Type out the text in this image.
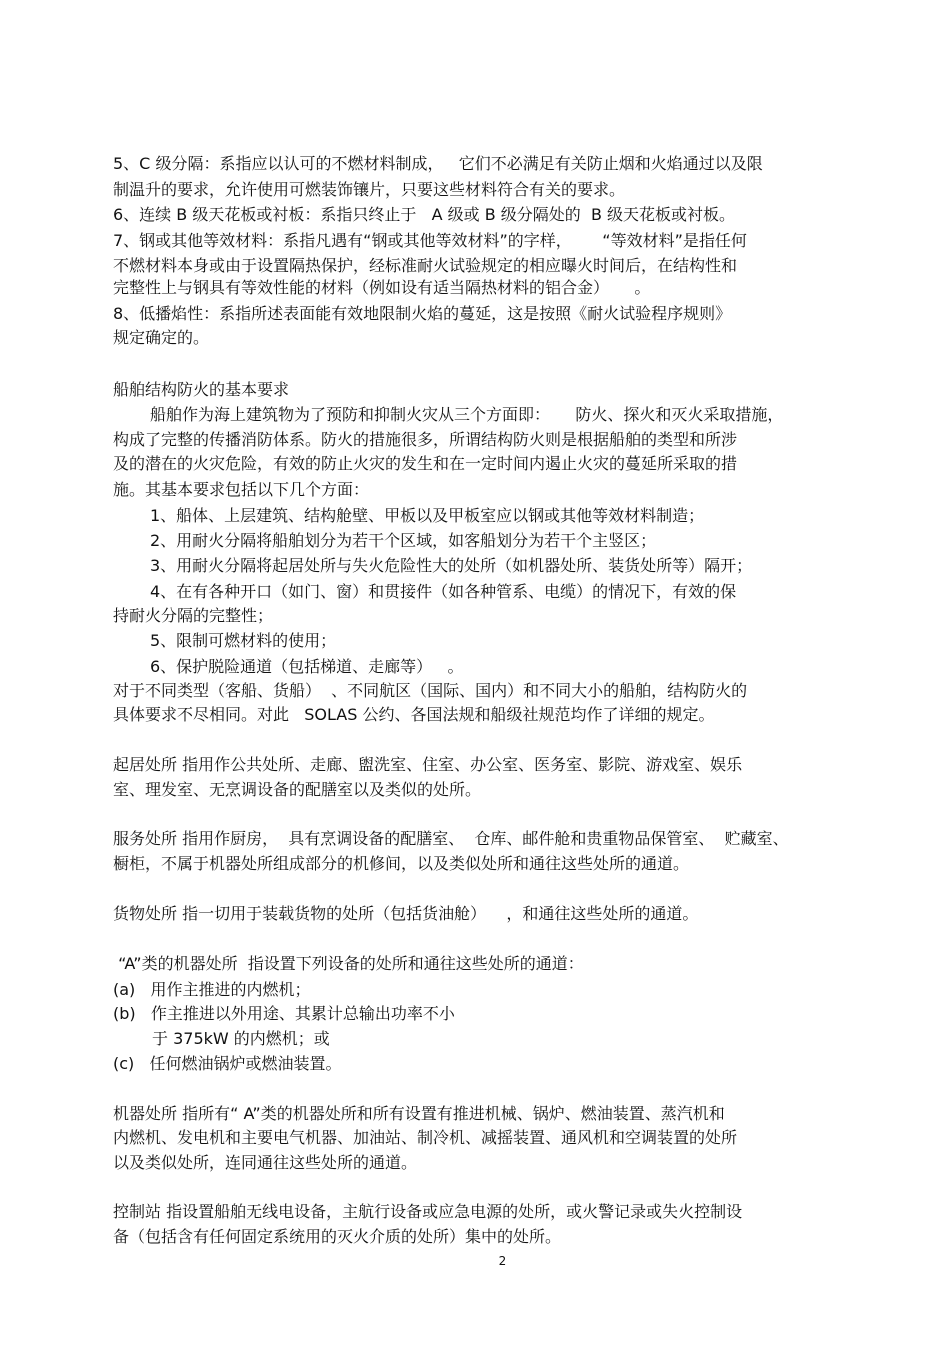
5、C 级分隔：系指应以认可的不燃材料制成，   它们不必满足有关防止烟和火焰通过以及限
制温升的要求，允许使用可燃装饰镶片，只要这些材料符合有关的要求。
6、连续 B 级天花板或衬板：系指只终止于   A 级或 B 级分隔处的  B 级天花板或衬板。
7、钢或其他等效材料：系指凡遇有“钢或其他等效材料”的字样，      “等效材料”是指任何
不燃材料本身或由于设置隔热保护，经标准耐火试验规定的相应曝火时间后，在结构性和
完整性上与钢具有等效性能的材料（例如设有适当隔热材料的铝合金）     。
8、低播焰性：系指所述表面能有效地限制火焰的蔓延，这是按照《耐火试验程序规则》
规定确定的。
船舶结构防火的基本要求
船舶作为海上建筑物为了预防和抑制火灾从三个方面即：     防火、探火和灭火采取措施，
构成了完整的传播消防体系。防火的措施很多，所谓结构防火则是根据船舶的类型和所涉
及的潜在的火灾危险，有效的防止火灾的发生和在一定时间内遏止火灾的蔓延所采取的措
施。其基本要求包括以下几个方面：
1、船体、上层建筑、结构舱壁、甲板以及甲板室应以钢或其他等效材料制造；
2、用耐火分隔将船舶划分为若干个区域，如客船划分为若干个主竖区；
3、用耐火分隔将起居处所与失火危险性大的处所（如机器处所、装货处所等）隔开；
4、在有各种开口（如门、窗）和贯接件（如各种管系、电缆）的情况下，有效的保
持耐火分隔的完整性；
5、限制可燃材料的使用；
6、保护脱险通道（包括梯道、走廊等）   。
对于不同类型（客船、货船）  、不同航区（国际、国内）和不同大小的船舶，结构防火的
具体要求不尽相同。对此   SOLAS 公约、各国法规和船级社规范均作了详细的规定。
起居处所 指用作公共处所、走廊、盥洗室、住室、办公室、医务室、影院、游戏室、娱乐
室、理发室、无烹调设备的配膳室以及类似的处所。
服务处所 指用作厨房，  具有烹调设备的配膳室、  仓库、邮件舱和贵重物品保管室、  贮藏室、
橱柜，不属于机器处所组成部分的机修间，以及类似处所和通往这些处所的通道。
货物处所 指一切用于装载货物的处所（包括货油舱）    ，和通往这些处所的通道。
“A”类的机器处所  指设置下列设备的处所和通往这些处所的通道：
(a)   用作主推进的内燃机；
(b)   作主推进以外用途、其累计总输出功率不小
于 375kW 的内燃机；或
(c)   任何燃油锅炉或燃油装置。
机器处所 指所有“ A”类的机器处所和所有设置有推进机械、锅炉、燃油装置、蒸汽机和
内燃机、发电机和主要电气机器、加油站、制冷机、减摇装置、通风机和空调装置的处所
以及类似处所，连同通往这些处所的通道。
控制站 指设置船舶无线电设备，主航行设备或应急电源的处所，或火警记录或失火控制设
备（包括含有任何固定系统用的灭火介质的处所）集中的处所。
2
